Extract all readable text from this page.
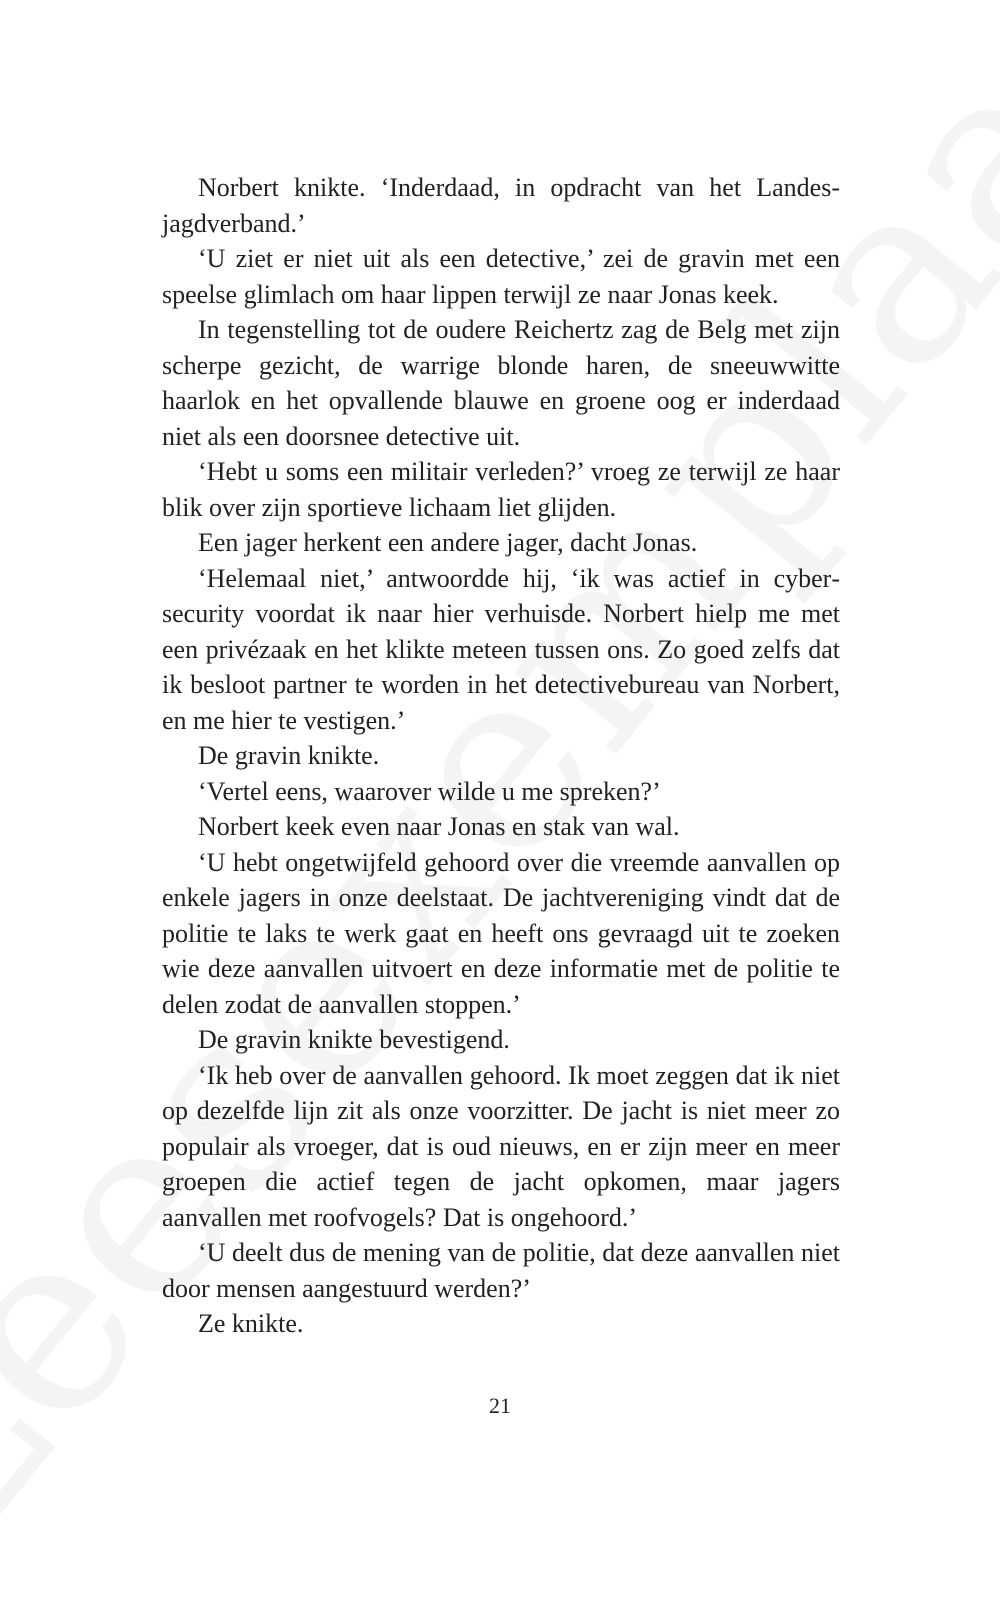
Norbert knikte. ‘Inderdaad, in opdracht van het Landesjagdverband.’

‘U ziet er niet uit als een detective,’ zei de gravin met een speelse glimlach om haar lippen terwijl ze naar Jonas keek.

In tegenstelling tot de oudere Reichertz zag de Belg met zijn scherpe gezicht, de warrige blonde haren, de sneeuwwitte haarlok en het opvallende blauwe en groene oog er inderdaad niet als een doorsnee detective uit.

‘Hebt u soms een militair verleden?’ vroeg ze terwijl ze haar blik over zijn sportieve lichaam liet glijden.

Een jager herkent een andere jager, dacht Jonas.

‘Helemaal niet,’ antwoordde hij, ‘ik was actief in cybersecurity voordat ik naar hier verhuisde. Norbert hielp me met een privézaak en het klikte meteen tussen ons. Zo goed zelfs dat ik besloot partner te worden in het detectivebureau van Norbert, en me hier te vestigen.’

De gravin knikte.

‘Vertel eens, waarover wilde u me spreken?’

Norbert keek even naar Jonas en stak van wal.

‘U hebt ongetwijfeld gehoord over die vreemde aanvallen op enkele jagers in onze deelstaat. De jachtvereniging vindt dat de politie te laks te werk gaat en heeft ons gevraagd uit te zoeken wie deze aanvallen uitvoert en deze informatie met de politie te delen zodat de aanvallen stoppen.’

De gravin knikte bevestigend.

‘Ik heb over de aanvallen gehoord. Ik moet zeggen dat ik niet op dezelfde lijn zit als onze voorzitter. De jacht is niet meer zo populair als vroeger, dat is oud nieuws, en er zijn meer en meer groepen die actief tegen de jacht opkomen, maar jagers aanvallen met roofvogels? Dat is ongehoord.’

‘U deelt dus de mening van de politie, dat deze aanvallen niet door mensen aangestuurd werden?’

Ze knikte.

21
